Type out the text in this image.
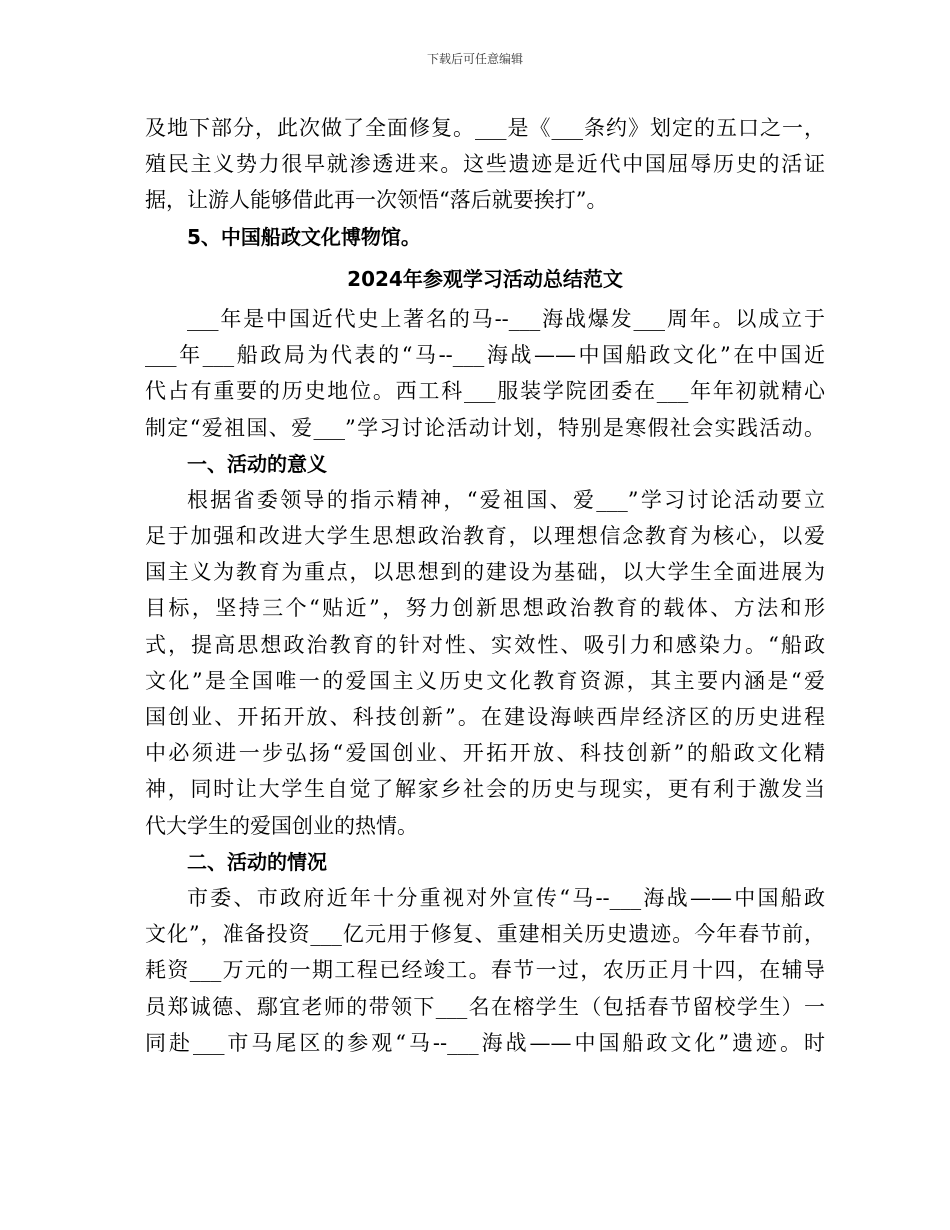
下载后可任意编辑
及地下部分，此次做了全面修复。___是《___条约》划定的五口之一，
殖民主义势力很早就渗透进来。这些遗迹是近代中国屈辱历史的活证
据，让游人能够借此再一次领悟“落后就要挨打”。
5、中国船政文化博物馆。
2024年参观学习活动总结范文
___年是中国近代史上著名的马--___海战爆发___周年。以成立于
___年___船政局为代表的“马--___海战——中国船政文化”在中国近
代占有重要的历史地位。西工科___服装学院团委在___年年初就精心
制定“爱祖国、爱___”学习讨论活动计划，特别是寒假社会实践活动。
一、活动的意义
根据省委领导的指示精神，“爱祖国、爱___”学习讨论活动要立
足于加强和改进大学生思想政治教育，以理想信念教育为核心，以爱
国主义为教育为重点，以思想到的建设为基础，以大学生全面进展为
目标，坚持三个“贴近”，努力创新思想政治教育的载体、方法和形
式，提高思想政治教育的针对性、实效性、吸引力和感染力。“船政
文化”是全国唯一的爱国主义历史文化教育资源，其主要内涵是“爱
国创业、开拓开放、科技创新”。在建设海峡西岸经济区的历史进程
中必须进一步弘扬“爱国创业、开拓开放、科技创新”的船政文化精
神，同时让大学生自觉了解家乡社会的历史与现实，更有利于激发当
代大学生的爱国创业的热情。
二、活动的情况
市委、市政府近年十分重视对外宣传“马--___海战——中国船政
文化”，准备投资___亿元用于修复、重建相关历史遗迹。今年春节前，
耗资___万元的一期工程已经竣工。春节一过，农历正月十四，在辅导
员郑诚德、鄢宜老师的带领下___名在榕学生（包括春节留校学生）一
同赴___市马尾区的参观“马--___海战——中国船政文化”遗迹。时
